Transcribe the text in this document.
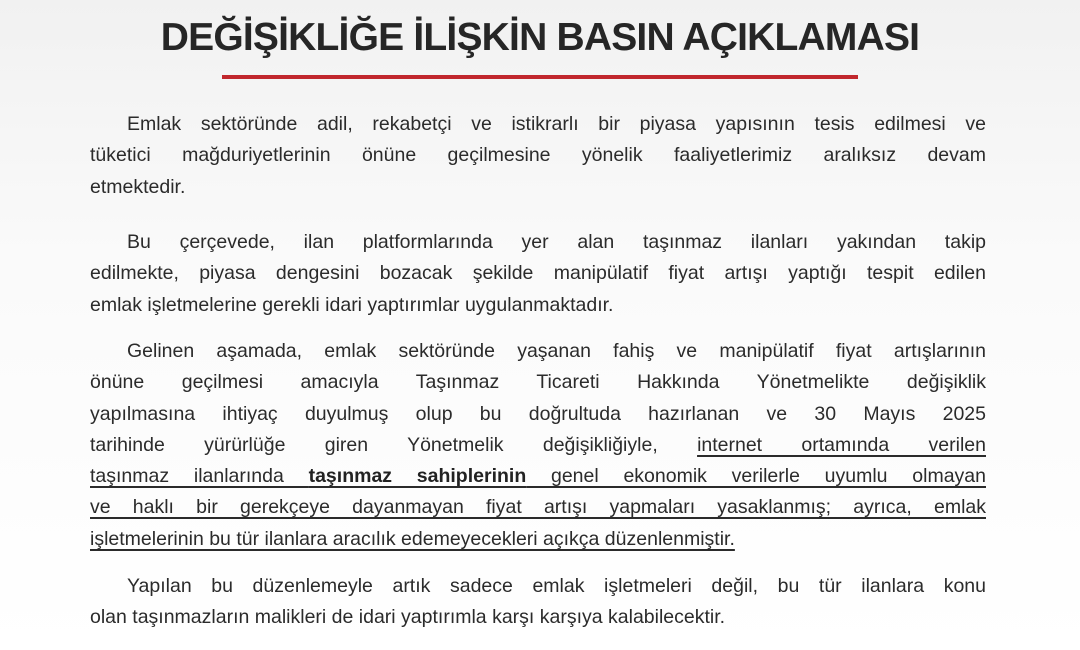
DEĞİŞİKLİĞE İLİŞKİN BASIN AÇIKLAMASI
Emlak sektöründe adil, rekabetçi ve istikrarlı bir piyasa yapısının tesis edilmesi ve
tüketici mağduriyetlerinin önüne geçilmesine yönelik faaliyetlerimiz aralıksız devam
etmektedir.
Bu çerçevede, ilan platformlarında yer alan taşınmaz ilanları yakından takip
edilmekte, piyasa dengesini bozacak şekilde manipülatif fiyat artışı yaptığı tespit edilen
emlak işletmelerine gerekli idari yaptırımlar uygulanmaktadır.
Gelinen aşamada, emlak sektöründe yaşanan fahiş ve manipülatif fiyat artışlarının
önüne geçilmesi amacıyla Taşınmaz Ticareti Hakkında Yönetmelikte değişiklik
yapılmasına ihtiyaç duyulmuş olup bu doğrultuda hazırlanan ve 30 Mayıs 2025
tarihinde yürürlüğe giren Yönetmelik değişikliğiyle, internet ortamında verilen
taşınmaz ilanlarında taşınmaz sahiplerinin genel ekonomik verilerle uyumlu olmayan
ve haklı bir gerekçeye dayanmayan fiyat artışı yapmaları yasaklanmış; ayrıca, emlak
işletmelerinin bu tür ilanlara aracılık edemeyecekleri açıkça düzenlenmiştir.
Yapılan bu düzenlemeyle artık sadece emlak işletmeleri değil, bu tür ilanlara konu
olan taşınmazların malikleri de idari yaptırımla karşı karşıya kalabilecektir.
